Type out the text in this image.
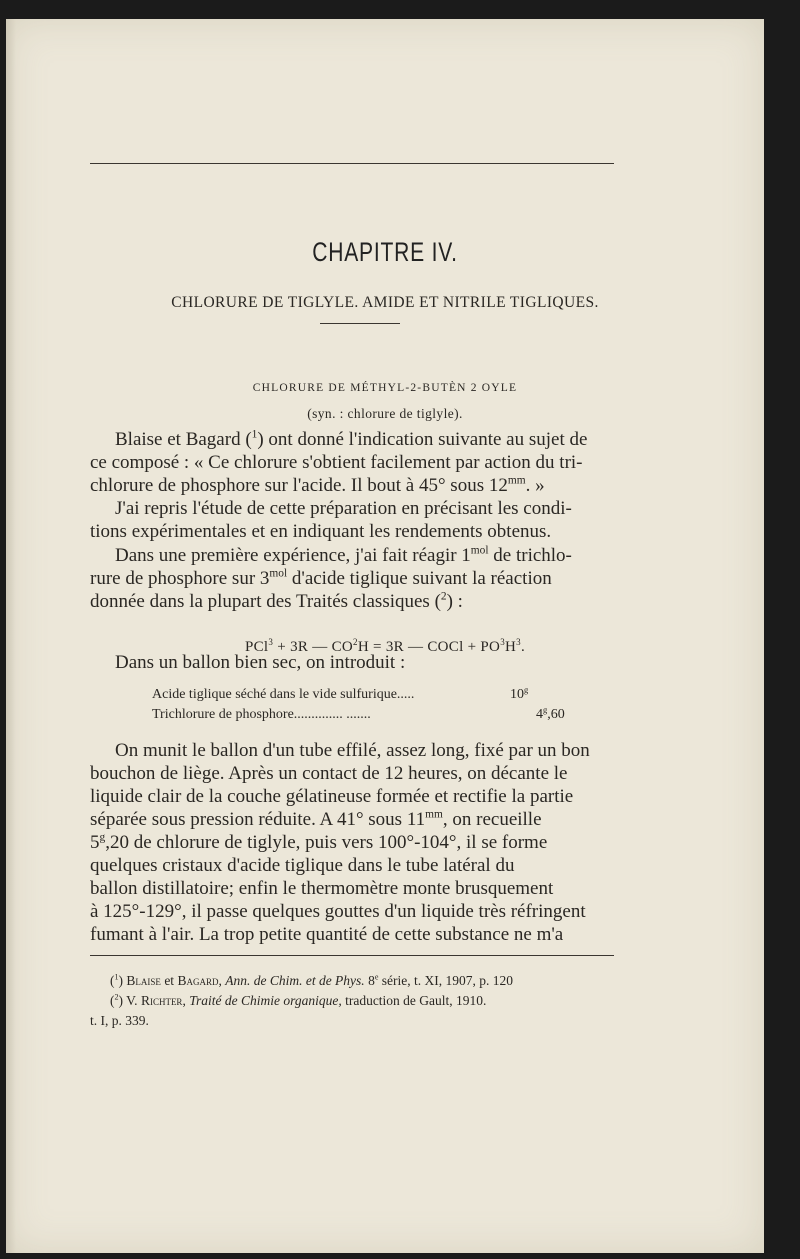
CHAPITRE IV.
CHLORURE DE TIGLYLE. AMIDE ET NITRILE TIGLIQUES.
CHLORURE DE MÉTHYL-2-BUTÈN 2 OYLE
(syn. : chlorure de tiglyle).
Blaise et Bagard ($^1$) ont donné l'indication suivante au sujet de
ce composé : « Ce chlorure s'obtient facilement par action du tri-
chlorure de phosphore sur l'acide. Il bout à 45° sous $12^{mm}$. »
J'ai repris l'étude de cette préparation en précisant les condi-
tions expérimentales et en indiquant les rendements obtenus.
Dans une première expérience, j'ai fait réagir $1^{mol}$ de trichlo-
rure de phosphore sur $3^{mol}$ d'acide tiglique suivant la réaction
donnée dans la plupart des Traités classiques ($^2$) :
PCl$^3$ + 3R — $CO^2H = 3R$ — COCl + $PO^3H^3$.
Dans un ballon bien sec, on introduit :
Acide tiglique séché dans le vide sulfurique.....	10$^g$
Trichlorure de phosphore.............. .......	4$^g$,60
On munit le ballon d'un tube effilé, assez long, fixé par un bon
bouchon de liège. Après un contact de 12 heures, on décante le
liquide clair de la couche gélatineuse formée et rectifie la partie
séparée sous pression réduite. A 41° sous $11^{mm}$, on recueille
5$^g$,20 de chlorure de tiglyle, puis vers 100°-104°, il se forme
quelques cristaux d'acide tiglique dans le tube latéral du
ballon distillatoire; enfin le thermomètre monte brusquement
à 125°-129°, il passe quelques gouttes d'un liquide très réfringent
fumant à l'air. La trop petite quantité de cette substance ne m'a
($^1$) Blaise et Bagard, Ann. de Chim. et de Phys. 8e série, t. XI, 1907, p. 120
($^2$) V. Richter, Traité de Chimie organique, traduction de Gault, 1910.
t. I, p. 339.
